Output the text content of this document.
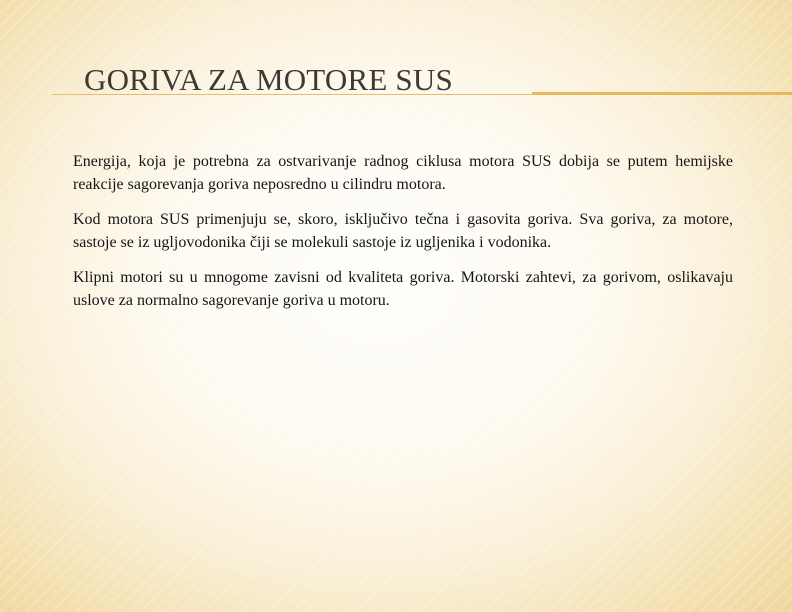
GORIVA ZA MOTORE SUS

Energija, koja je potrebna za ostvarivanje radnog ciklusa motora SUS dobija se putem hemijske reakcije sagorevanja goriva neposredno u cilindru motora.

Kod motora SUS primenjuju se, skoro, isključivo tečna i gasovita goriva. Sva goriva, za motore, sastoje se iz ugljovodonika čiji se molekuli sastoje iz ugljenika i vodonika.

Klipni motori su u mnogome zavisni od kvaliteta goriva. Motorski zahtevi, za gorivom, oslikavaju uslove za normalno sagorevanje goriva u motoru.
